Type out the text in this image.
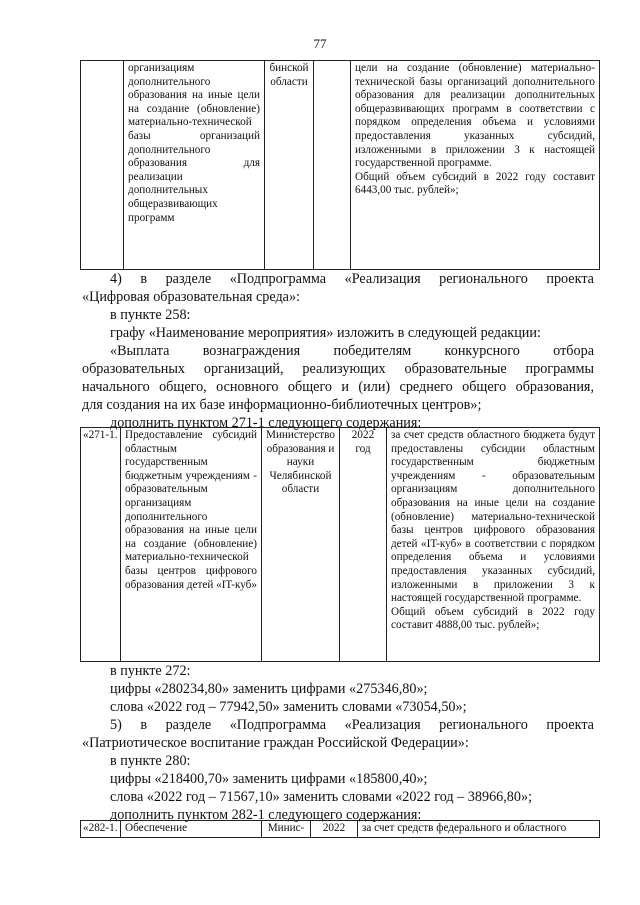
77
	организациям дополнительного образования на иные цели на создание (обновление) материально-технической базы организаций дополнительного образования для реализации дополнительных общеразвивающих программ	бинской области		цели на создание (обновление) материально-технической базы организаций дополнительного образования для реализации дополнительных общеразвивающих программ в соответствии с порядком определения объема и условиями предоставления указанных субсидий, изложенными в приложении 3 к настоящей государственной программе.
Общий объем субсидий в 2022 году составит 6443,00 тыс. рублей»;
4) в разделе «Подпрограмма «Реализация регионального проекта
«Цифровая образовательная среда»:
в пункте 258:
графу «Наименование мероприятия» изложить в следующей редакции:
«Выплата вознаграждения победителям конкурсного отбора
образовательных организаций, реализующих образовательные программы
начального общего, основного общего и (или) среднего общего образования,
для создания на их базе информационно-библиотечных центров»;
дополнить пунктом 271-1 следующего содержания:
«271-1.	Предоставление субсидий областным государственным бюджетным учреждениям - образовательным организациям дополнительного образования на иные цели на создание (обновление) материально-технической базы центров цифрового образования детей «IT-куб»	Министерство образования и науки Челябинской области	2022 год	за счет средств областного бюджета будут предоставлены субсидии областным государственным бюджетным учреждениям - образовательным организациям дополнительного образования на иные цели на создание (обновление) материально-технической базы центров цифрового образования детей «IT-куб» в соответствии с порядком определения объема и условиями предоставления указанных субсидий, изложенными в приложении 3 к настоящей государственной программе.
Общий объем субсидий в 2022 году составит 4888,00 тыс. рублей»;
в пункте 272:
цифры «280234,80» заменить цифрами «275346,80»;
слова «2022 год – 77942,50» заменить словами «73054,50»;
5) в разделе «Подпрограмма «Реализация регионального проекта
«Патриотическое воспитание граждан Российской Федерации»:
в пункте 280:
цифры «218400,70» заменить цифрами «185800,40»;
слова «2022 год – 71567,10» заменить словами «2022 год – 38966,80»;
дополнить пунктом 282-1 следующего содержания:
«282-1.	Обеспечение	Минис-	2022	за счет средств федерального и областного
